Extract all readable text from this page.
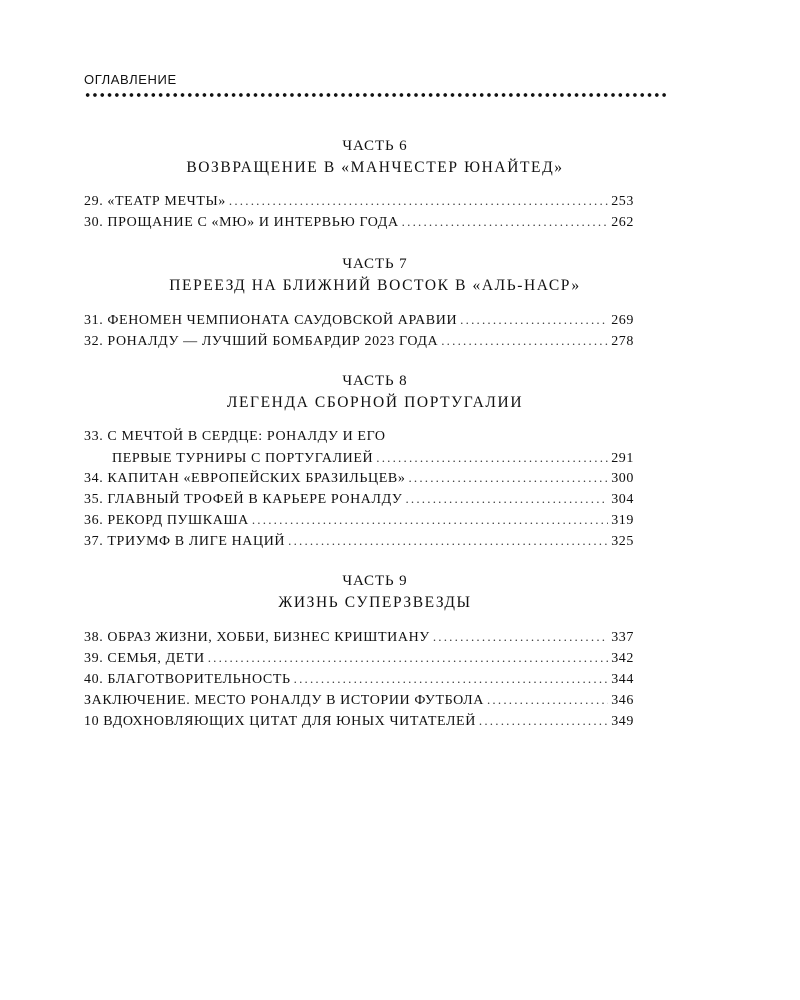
ОГЛАВЛЕНИЕ
ЧАСТЬ 6
ВОЗВРАЩЕНИЕ В «МАНЧЕСТЕР ЮНАЙТЕД»
29. «ТЕАТР МЕЧТЫ» .....	253
30. ПРОЩАНИЕ С «МЮ» И ИНТЕРВЬЮ ГОДА .....	262
ЧАСТЬ 7
ПЕРЕЕЗД НА БЛИЖНИЙ ВОСТОК В «АЛЬ-НАСР»
31. ФЕНОМЕН ЧЕМПИОНАТА САУДОВСКОЙ АРАВИИ .....	269
32. РОНАЛДУ — ЛУЧШИЙ БОМБАРДИР 2023 ГОДА .....	278
ЧАСТЬ 8
ЛЕГЕНДА СБОРНОЙ ПОРТУГАЛИИ
33. С МЕЧТОЙ В СЕРДЦЕ: РОНАЛДУ И ЕГО
ПЕРВЫЕ ТУРНИРЫ С ПОРТУГАЛИЕЙ .....	291
34. КАПИТАН «ЕВРОПЕЙСКИХ БРАЗИЛЬЦЕВ» .....	300
35. ГЛАВНЫЙ ТРОФЕЙ В КАРЬЕРЕ РОНАЛДУ .....	304
36. РЕКОРД ПУШКАША .....	319
37. ТРИУМФ В ЛИГЕ НАЦИЙ .....	325
ЧАСТЬ 9
ЖИЗНЬ СУПЕРЗВЕЗДЫ
38. ОБРАЗ ЖИЗНИ, ХОББИ, БИЗНЕС КРИШТИАНУ .....	337
39. СЕМЬЯ, ДЕТИ .....	342
40. БЛАГОТВОРИТЕЛЬНОСТЬ .....	344
ЗАКЛЮЧЕНИЕ. МЕСТО РОНАЛДУ В ИСТОРИИ ФУТБОЛА .....	346
10 ВДОХНОВЛЯЮЩИХ ЦИТАТ ДЛЯ ЮНЫХ ЧИТАТЕЛЕЙ .....	349
